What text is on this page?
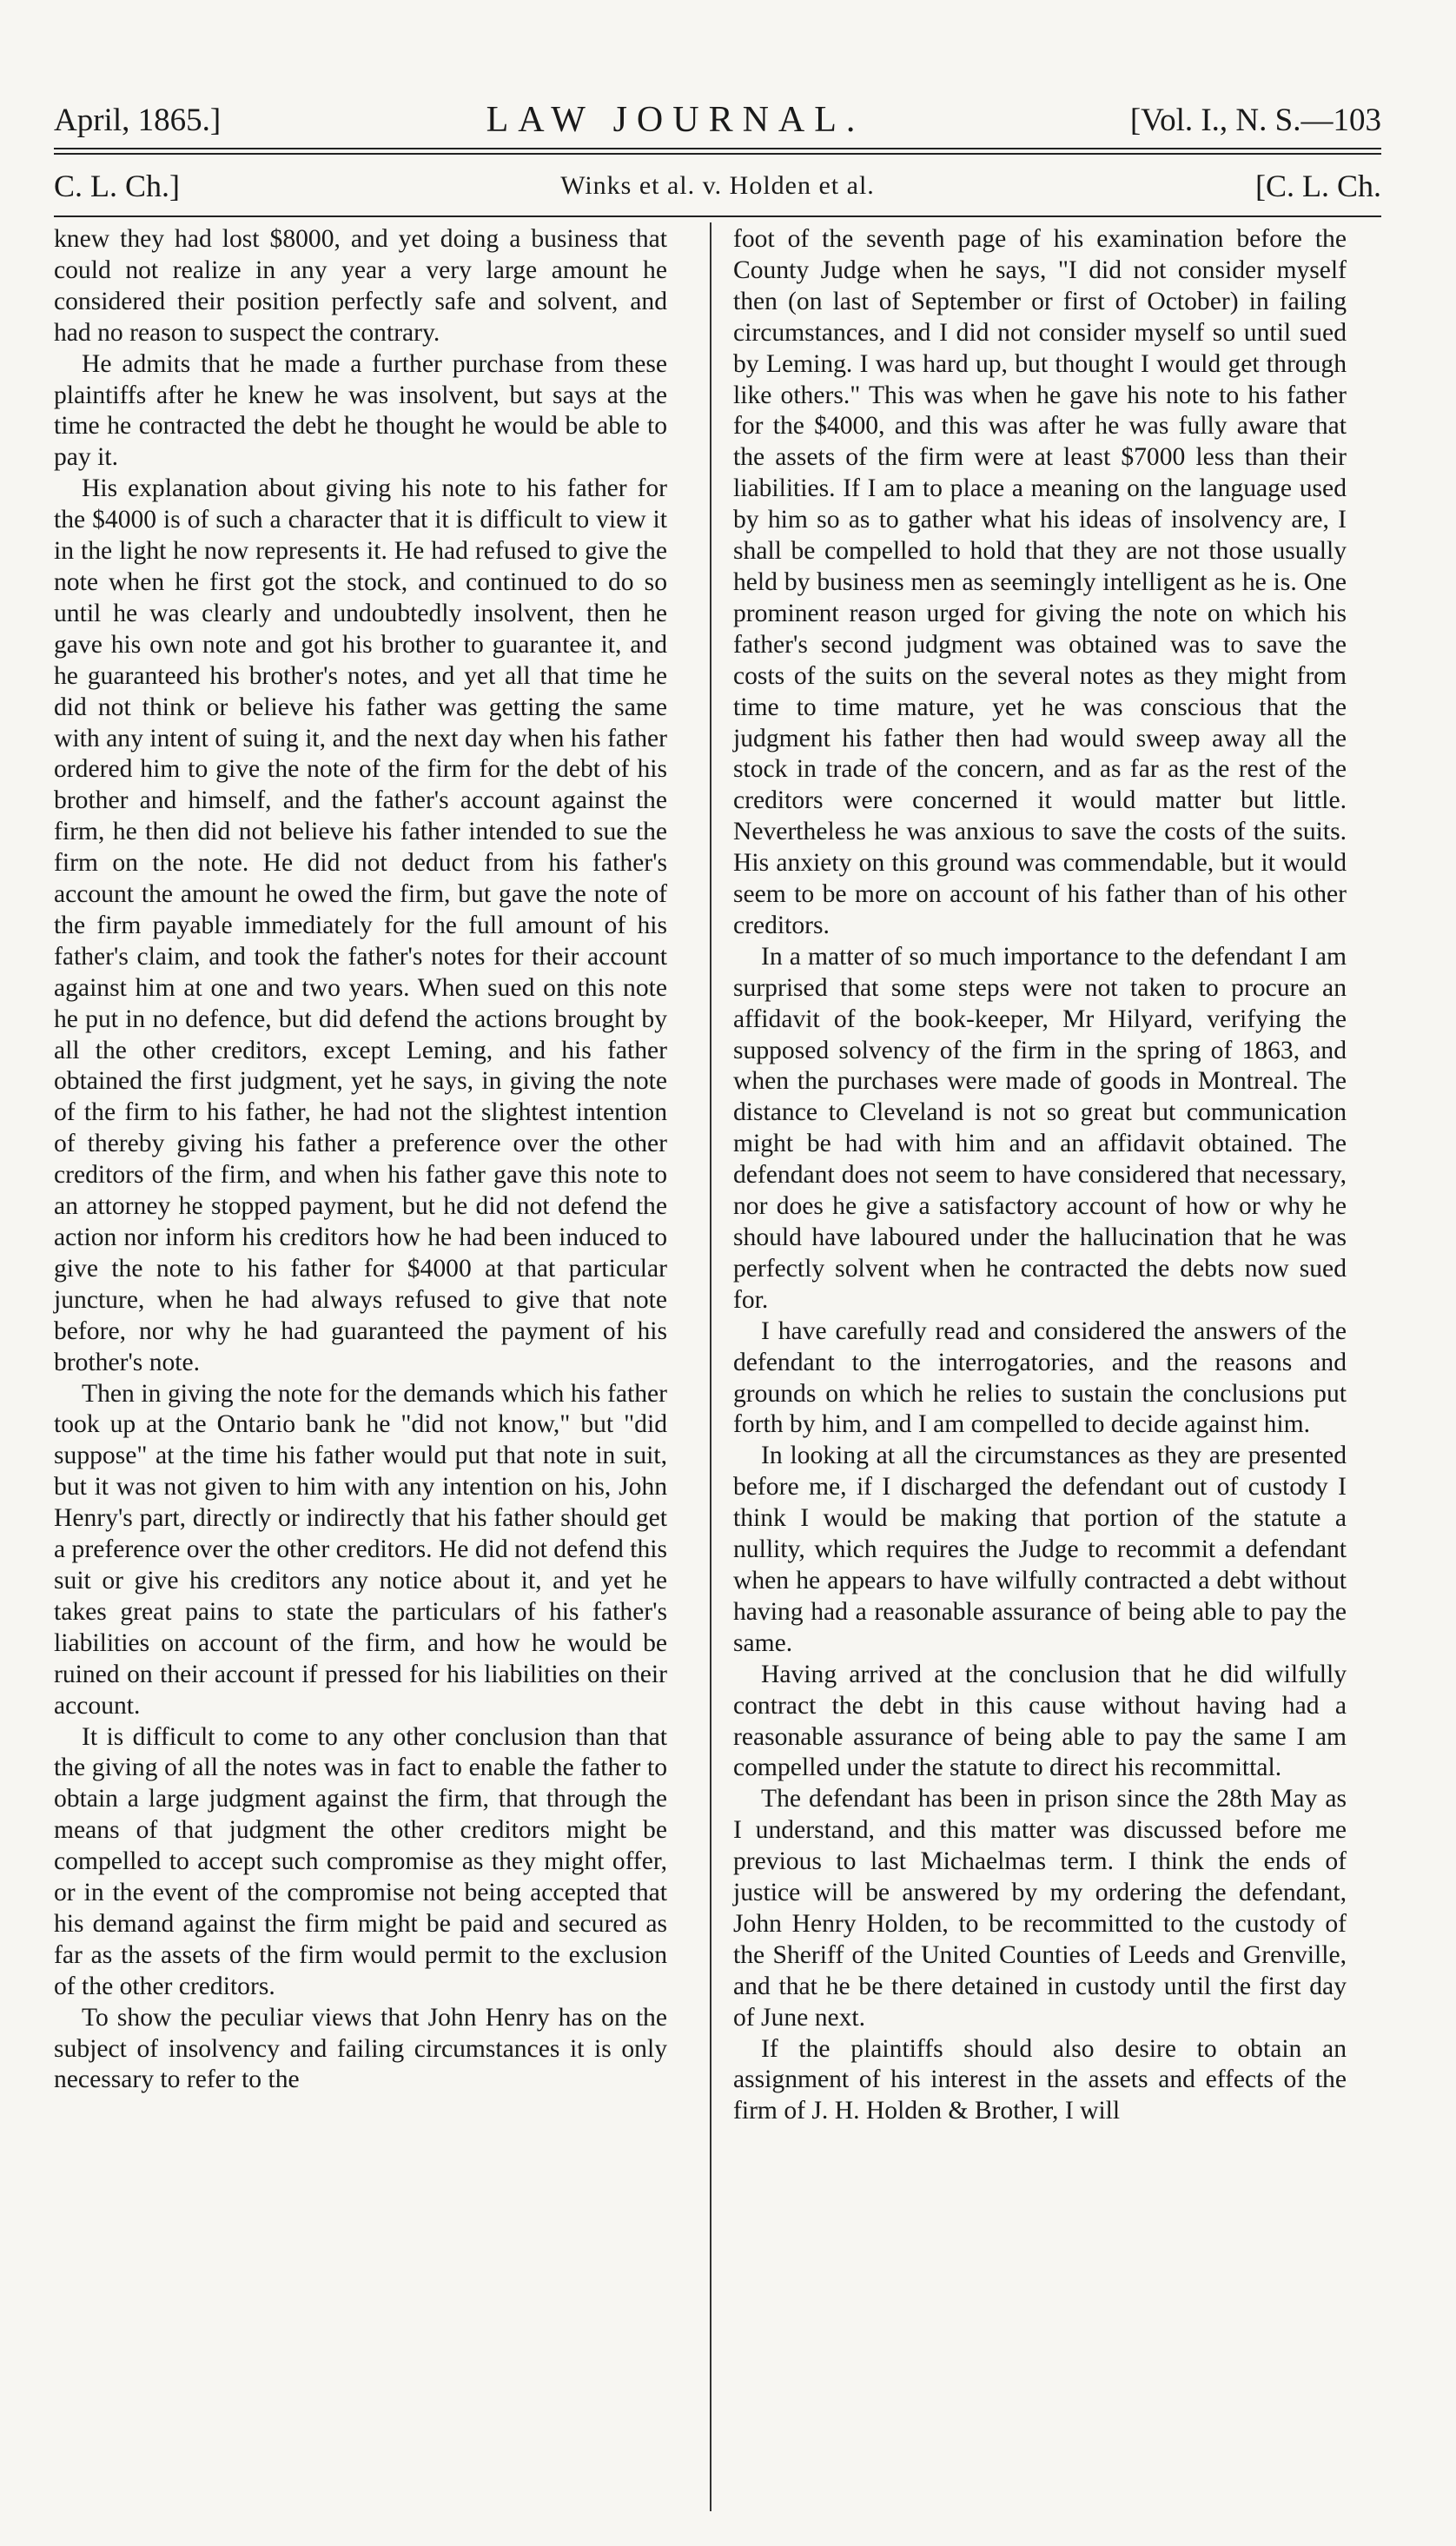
April, 1865.]	LAW JOURNAL.	[Vol. I., N. S.—103
C. L. Ch.]	Winks et al. v. Holden et al.	[C. L. Ch.

knew they had lost $8000, and yet doing a business that could not realize in any year a very large amount he considered their position perfectly safe and solvent, and had no reason to suspect the contrary.

He admits that he made a further purchase from these plaintiffs after he knew he was insolvent, but says at the time he contracted the debt he thought he would be able to pay it.

His explanation about giving his note to his father for the $4000 is of such a character that it is difficult to view it in the light he now represents it. He had refused to give the note when he first got the stock, and continued to do so until he was clearly and undoubtedly insolvent, then he gave his own note and got his brother to guarantee it, and he guaranteed his brother's notes, and yet all that time he did not think or believe his father was getting the same with any intent of suing it, and the next day when his father ordered him to give the note of the firm for the debt of his brother and himself, and the father's account against the firm, he then did not believe his father intended to sue the firm on the note. He did not deduct from his father's account the amount he owed the firm, but gave the note of the firm payable immediately for the full amount of his father's claim, and took the father's notes for their account against him at one and two years. When sued on this note he put in no defence, but did defend the actions brought by all the other creditors, except Leming, and his father obtained the first judgment, yet he says, in giving the note of the firm to his father, he had not the slightest intention of thereby giving his father a preference over the other creditors of the firm, and when his father gave this note to an attorney he stopped payment, but he did not defend the action nor inform his creditors how he had been induced to give the note to his father for $4000 at that particular juncture, when he had always refused to give that note before, nor why he had guaranteed the payment of his brother's note.

Then in giving the note for the demands which his father took up at the Ontario bank he "did not know," but "did suppose" at the time his father would put that note in suit, but it was not given to him with any intention on his, John Henry's part, directly or indirectly that his father should get a preference over the other creditors. He did not defend this suit or give his creditors any notice about it, and yet he takes great pains to state the particulars of his father's liabilities on account of the firm, and how he would be ruined on their account if pressed for his liabilities on their account.

It is difficult to come to any other conclusion than that the giving of all the notes was in fact to enable the father to obtain a large judgment against the firm, that through the means of that judgment the other creditors might be compelled to accept such compromise as they might offer, or in the event of the compromise not being accepted that his demand against the firm might be paid and secured as far as the assets of the firm would permit to the exclusion of the other creditors.

To show the peculiar views that John Henry has on the subject of insolvency and failing circumstances it is only necessary to refer to the

foot of the seventh page of his examination before the County Judge when he says, "I did not consider myself then (on last of September or first of October) in failing circumstances, and I did not consider myself so until sued by Leming. I was hard up, but thought I would get through like others." This was when he gave his note to his father for the $4000, and this was after he was fully aware that the assets of the firm were at least $7000 less than their liabilities. If I am to place a meaning on the language used by him so as to gather what his ideas of insolvency are, I shall be compelled to hold that they are not those usually held by business men as seemingly intelligent as he is. One prominent reason urged for giving the note on which his father's second judgment was obtained was to save the costs of the suits on the several notes as they might from time to time mature, yet he was conscious that the judgment his father then had would sweep away all the stock in trade of the concern, and as far as the rest of the creditors were concerned it would matter but little. Nevertheless he was anxious to save the costs of the suits. His anxiety on this ground was commendable, but it would seem to be more on account of his father than of his other creditors.

In a matter of so much importance to the defendant I am surprised that some steps were not taken to procure an affidavit of the book-keeper, Mr Hilyard, verifying the supposed solvency of the firm in the spring of 1863, and when the purchases were made of goods in Montreal. The distance to Cleveland is not so great but communication might be had with him and an affidavit obtained. The defendant does not seem to have considered that necessary, nor does he give a satisfactory account of how or why he should have laboured under the hallucination that he was perfectly solvent when he contracted the debts now sued for.

I have carefully read and considered the answers of the defendant to the interrogatories, and the reasons and grounds on which he relies to sustain the conclusions put forth by him, and I am compelled to decide against him.

In looking at all the circumstances as they are presented before me, if I discharged the defendant out of custody I think I would be making that portion of the statute a nullity, which requires the Judge to recommit a defendant when he appears to have wilfully contracted a debt without having had a reasonable assurance of being able to pay the same.

Having arrived at the conclusion that he did wilfully contract the debt in this cause without having had a reasonable assurance of being able to pay the same I am compelled under the statute to direct his recommittal.

The defendant has been in prison since the 28th May as I understand, and this matter was discussed before me previous to last Michaelmas term. I think the ends of justice will be answered by my ordering the defendant, John Henry Holden, to be recommitted to the custody of the Sheriff of the United Counties of Leeds and Grenville, and that he be there detained in custody until the first day of June next.

If the plaintiffs should also desire to obtain an assignment of his interest in the assets and effects of the firm of J. H. Holden & Brother, I will
